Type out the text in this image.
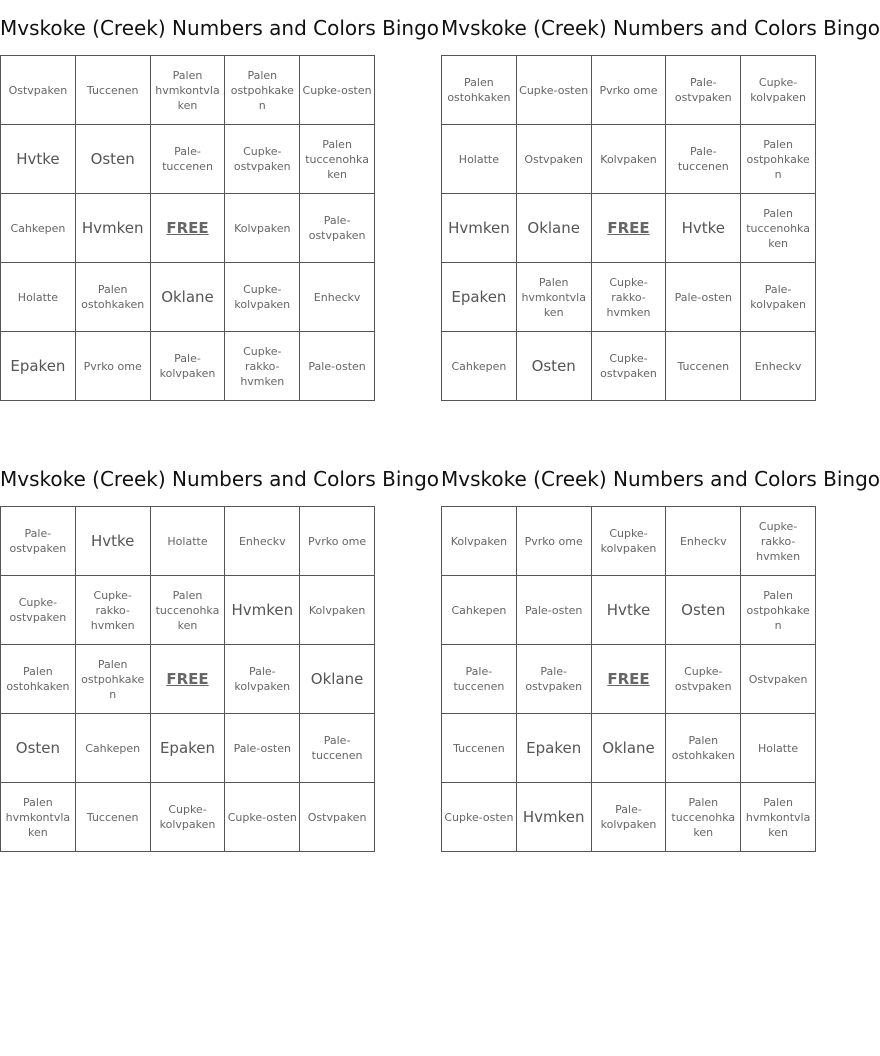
Mvskoke (Creek) Numbers and Colors Bingo
Ostvpaken	Tuccenen	Palen hvmkontvlaken	Palen ostpohkaken	Cupke-osten
Hvtke	Osten	Pale-tuccenen	Cupke-ostvpaken	Palen tuccenohkaken
Cahkepen	Hvmken	FREE	Kolvpaken	Pale-ostvpaken
Holatte	Palen ostohkaken	Oklane	Cupke-kolvpaken	Enheckv
Epaken	Pvrko ome	Pale-kolvpaken	Cupke-rakko-hvmken	Pale-osten
Mvskoke (Creek) Numbers and Colors Bingo
Palen ostohkaken	Cupke-osten	Pvrko ome	Pale-ostvpaken	Cupke-kolvpaken
Holatte	Ostvpaken	Kolvpaken	Pale-tuccenen	Palen ostpohkaken
Hvmken	Oklane	FREE	Hvtke	Palen tuccenohkaken
Epaken	Palen hvmkontvlaken	Cupke-rakko-hvmken	Pale-osten	Pale-kolvpaken
Cahkepen	Osten	Cupke-ostvpaken	Tuccenen	Enheckv
Mvskoke (Creek) Numbers and Colors Bingo
Pale-ostvpaken	Hvtke	Holatte	Enheckv	Pvrko ome
Cupke-ostvpaken	Cupke-rakko-hvmken	Palen tuccenohkaken	Hvmken	Kolvpaken
Palen ostohkaken	Palen ostpohkaken	FREE	Pale-kolvpaken	Oklane
Osten	Cahkepen	Epaken	Pale-osten	Pale-tuccenen
Palen hvmkontvlaken	Tuccenen	Cupke-kolvpaken	Cupke-osten	Ostvpaken
Mvskoke (Creek) Numbers and Colors Bingo
Kolvpaken	Pvrko ome	Cupke-kolvpaken	Enheckv	Cupke-rakko-hvmken
Cahkepen	Pale-osten	Hvtke	Osten	Palen ostpohkaken
Pale-tuccenen	Pale-ostvpaken	FREE	Cupke-ostvpaken	Ostvpaken
Tuccenen	Epaken	Oklane	Palen ostohkaken	Holatte
Cupke-osten	Hvmken	Pale-kolvpaken	Palen tuccenohkaken	Palen hvmkontvlaken
